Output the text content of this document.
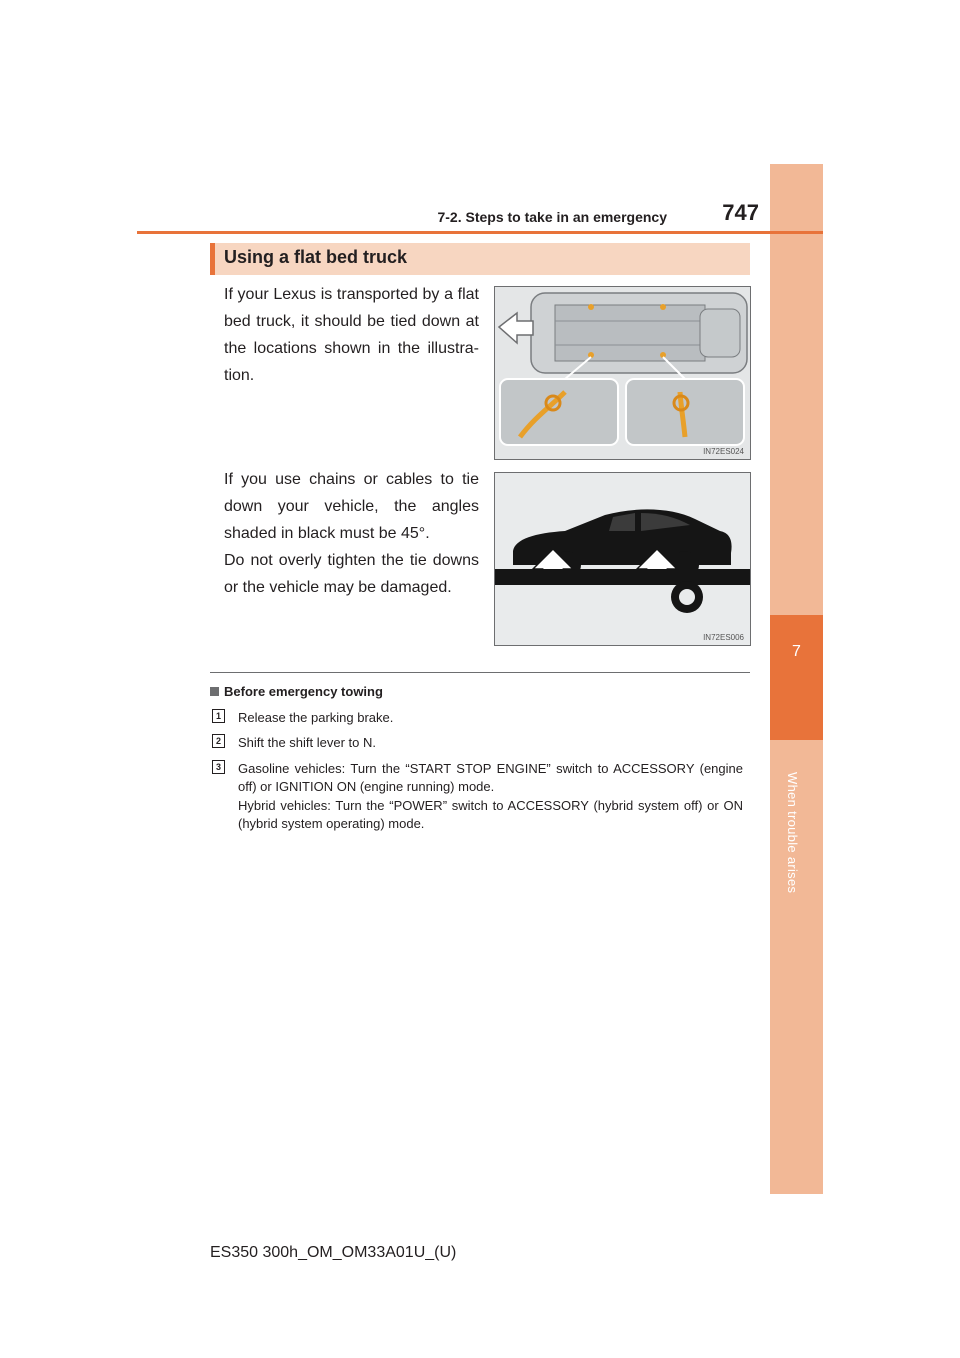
7
When trouble arises
7-2. Steps to take in an emergency	747
Using a flat bed truck
If your Lexus is transported by a flat bed truck, it should be tied down at the locations shown in the illustra-tion.
If you use chains or cables to tie down your vehicle, the angles shaded in black must be 45°.
Do not overly tighten the tie downs or the vehicle may be damaged.
IN72ES024
IN72ES006
Before emergency towing
1	Release the parking brake.
2	Shift the shift lever to N.
3	Gasoline vehicles: Turn the “START STOP ENGINE” switch to ACCESSORY (engine off) or IGNITION ON (engine running) mode.
Hybrid vehicles: Turn the “POWER” switch to ACCESSORY (hybrid system off) or ON (hybrid system operating) mode.
ES350 300h_OM_OM33A01U_(U)
